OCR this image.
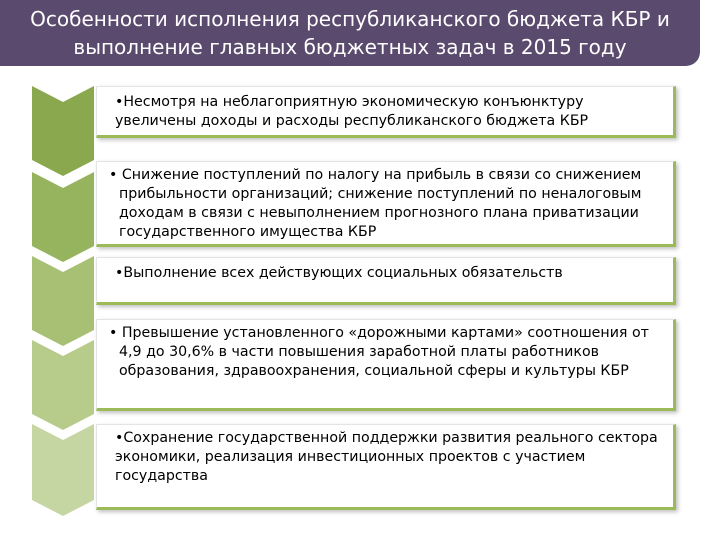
Особенности исполнения республиканского бюджета КБР и выполнение главных бюджетных задач в 2015 году
•Несмотря на неблагоприятную экономическую конъюнктуру увеличены доходы и расходы республиканского бюджета КБР
• Снижение поступлений по налогу на прибыль в связи со снижением прибыльности организаций; снижение поступлений по неналоговым доходам в связи с невыполнением прогнозного плана приватизации государственного имущества КБР
•Выполнение всех действующих социальных обязательств
• Превышение установленного «дорожными картами» соотношения от 4,9 до 30,6% в части повышения заработной платы работников образования, здравоохранения, социальной сферы и культуры КБР
•Сохранение государственной поддержки развития реального сектора экономики, реализация инвестиционных проектов с участием государства
